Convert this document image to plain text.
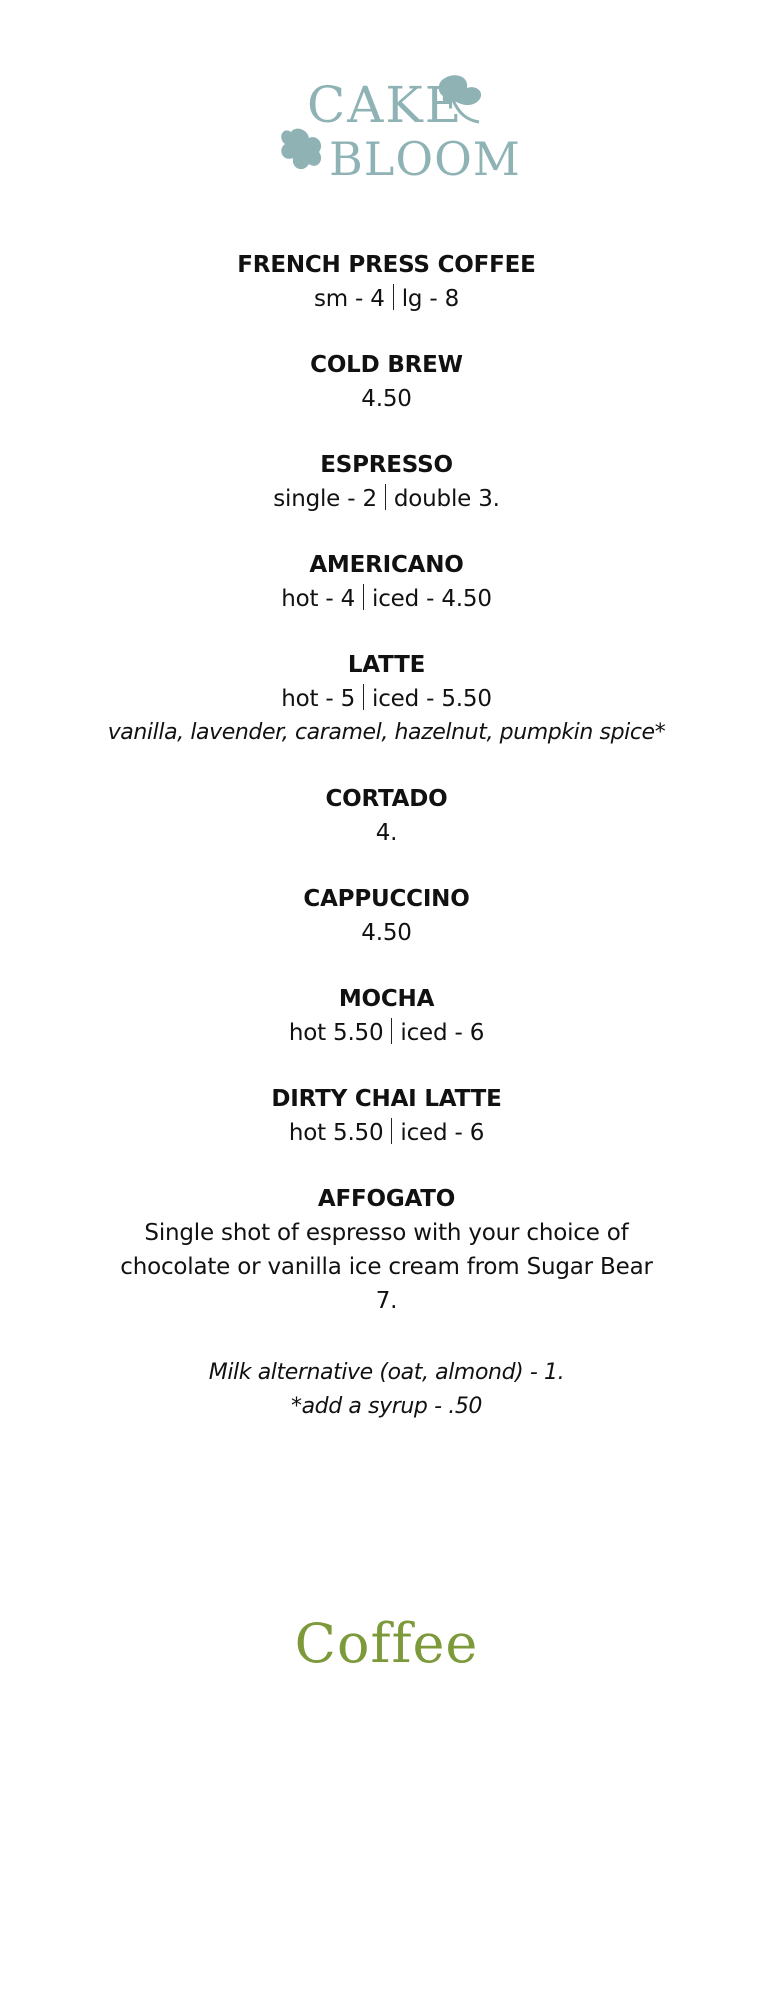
CAKE
BLOOM
FRENCH PRESS COFFEE
sm - 4 lg - 8
COLD BREW
4.50
ESPRESSO
single - 2 double 3.
AMERICANO
hot - 4 iced - 4.50
LATTE
hot - 5 iced - 5.50
vanilla, lavender, caramel, hazelnut, pumpkin spice*
CORTADO
4.
CAPPUCCINO
4.50
MOCHA
hot 5.50 iced - 6
DIRTY CHAI LATTE
hot 5.50 iced - 6
AFFOGATO
Single shot of espresso with your choice of chocolate or vanilla ice cream from Sugar Bear
7.
Milk alternative (oat, almond) - 1.
*add a syrup - .50
Coffee
